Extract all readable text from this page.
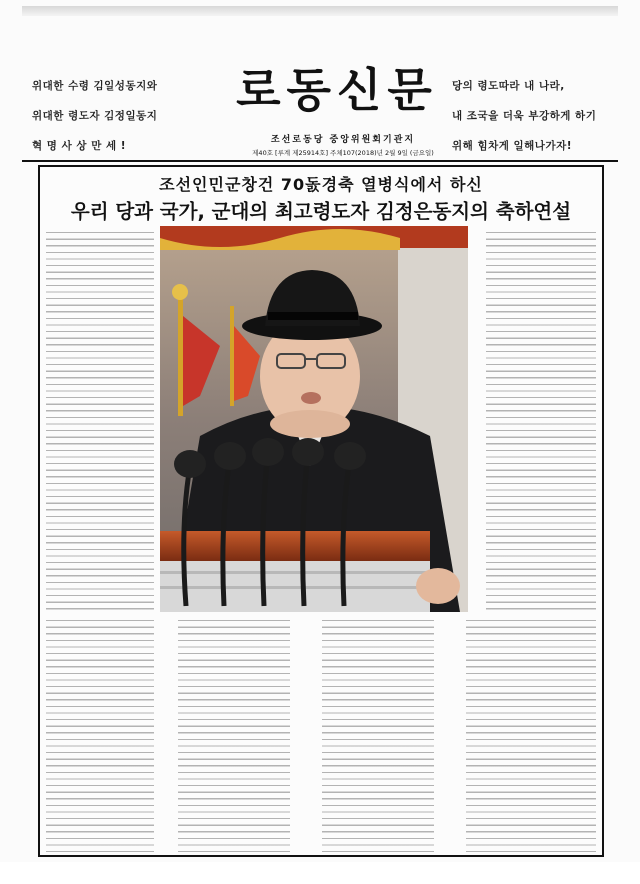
위대한 수령 김일성동지와
위대한 령도자 김정일동지
혁 명 사 상 만 세 !
로동신문
조선로동당 중앙위원회기관지
제40호 [루계 제25914호] 주체107(2018)년 2월 9일 (금요일)
당의 령도따라 내 나라,
내 조국을 더욱 부강하게 하기
위해 힘차게 일해나가자!
조선인민군창건 70돐경축 열병식에서 하신
우리 당과 국가, 군대의 최고령도자 김정은동지의 축하연설
